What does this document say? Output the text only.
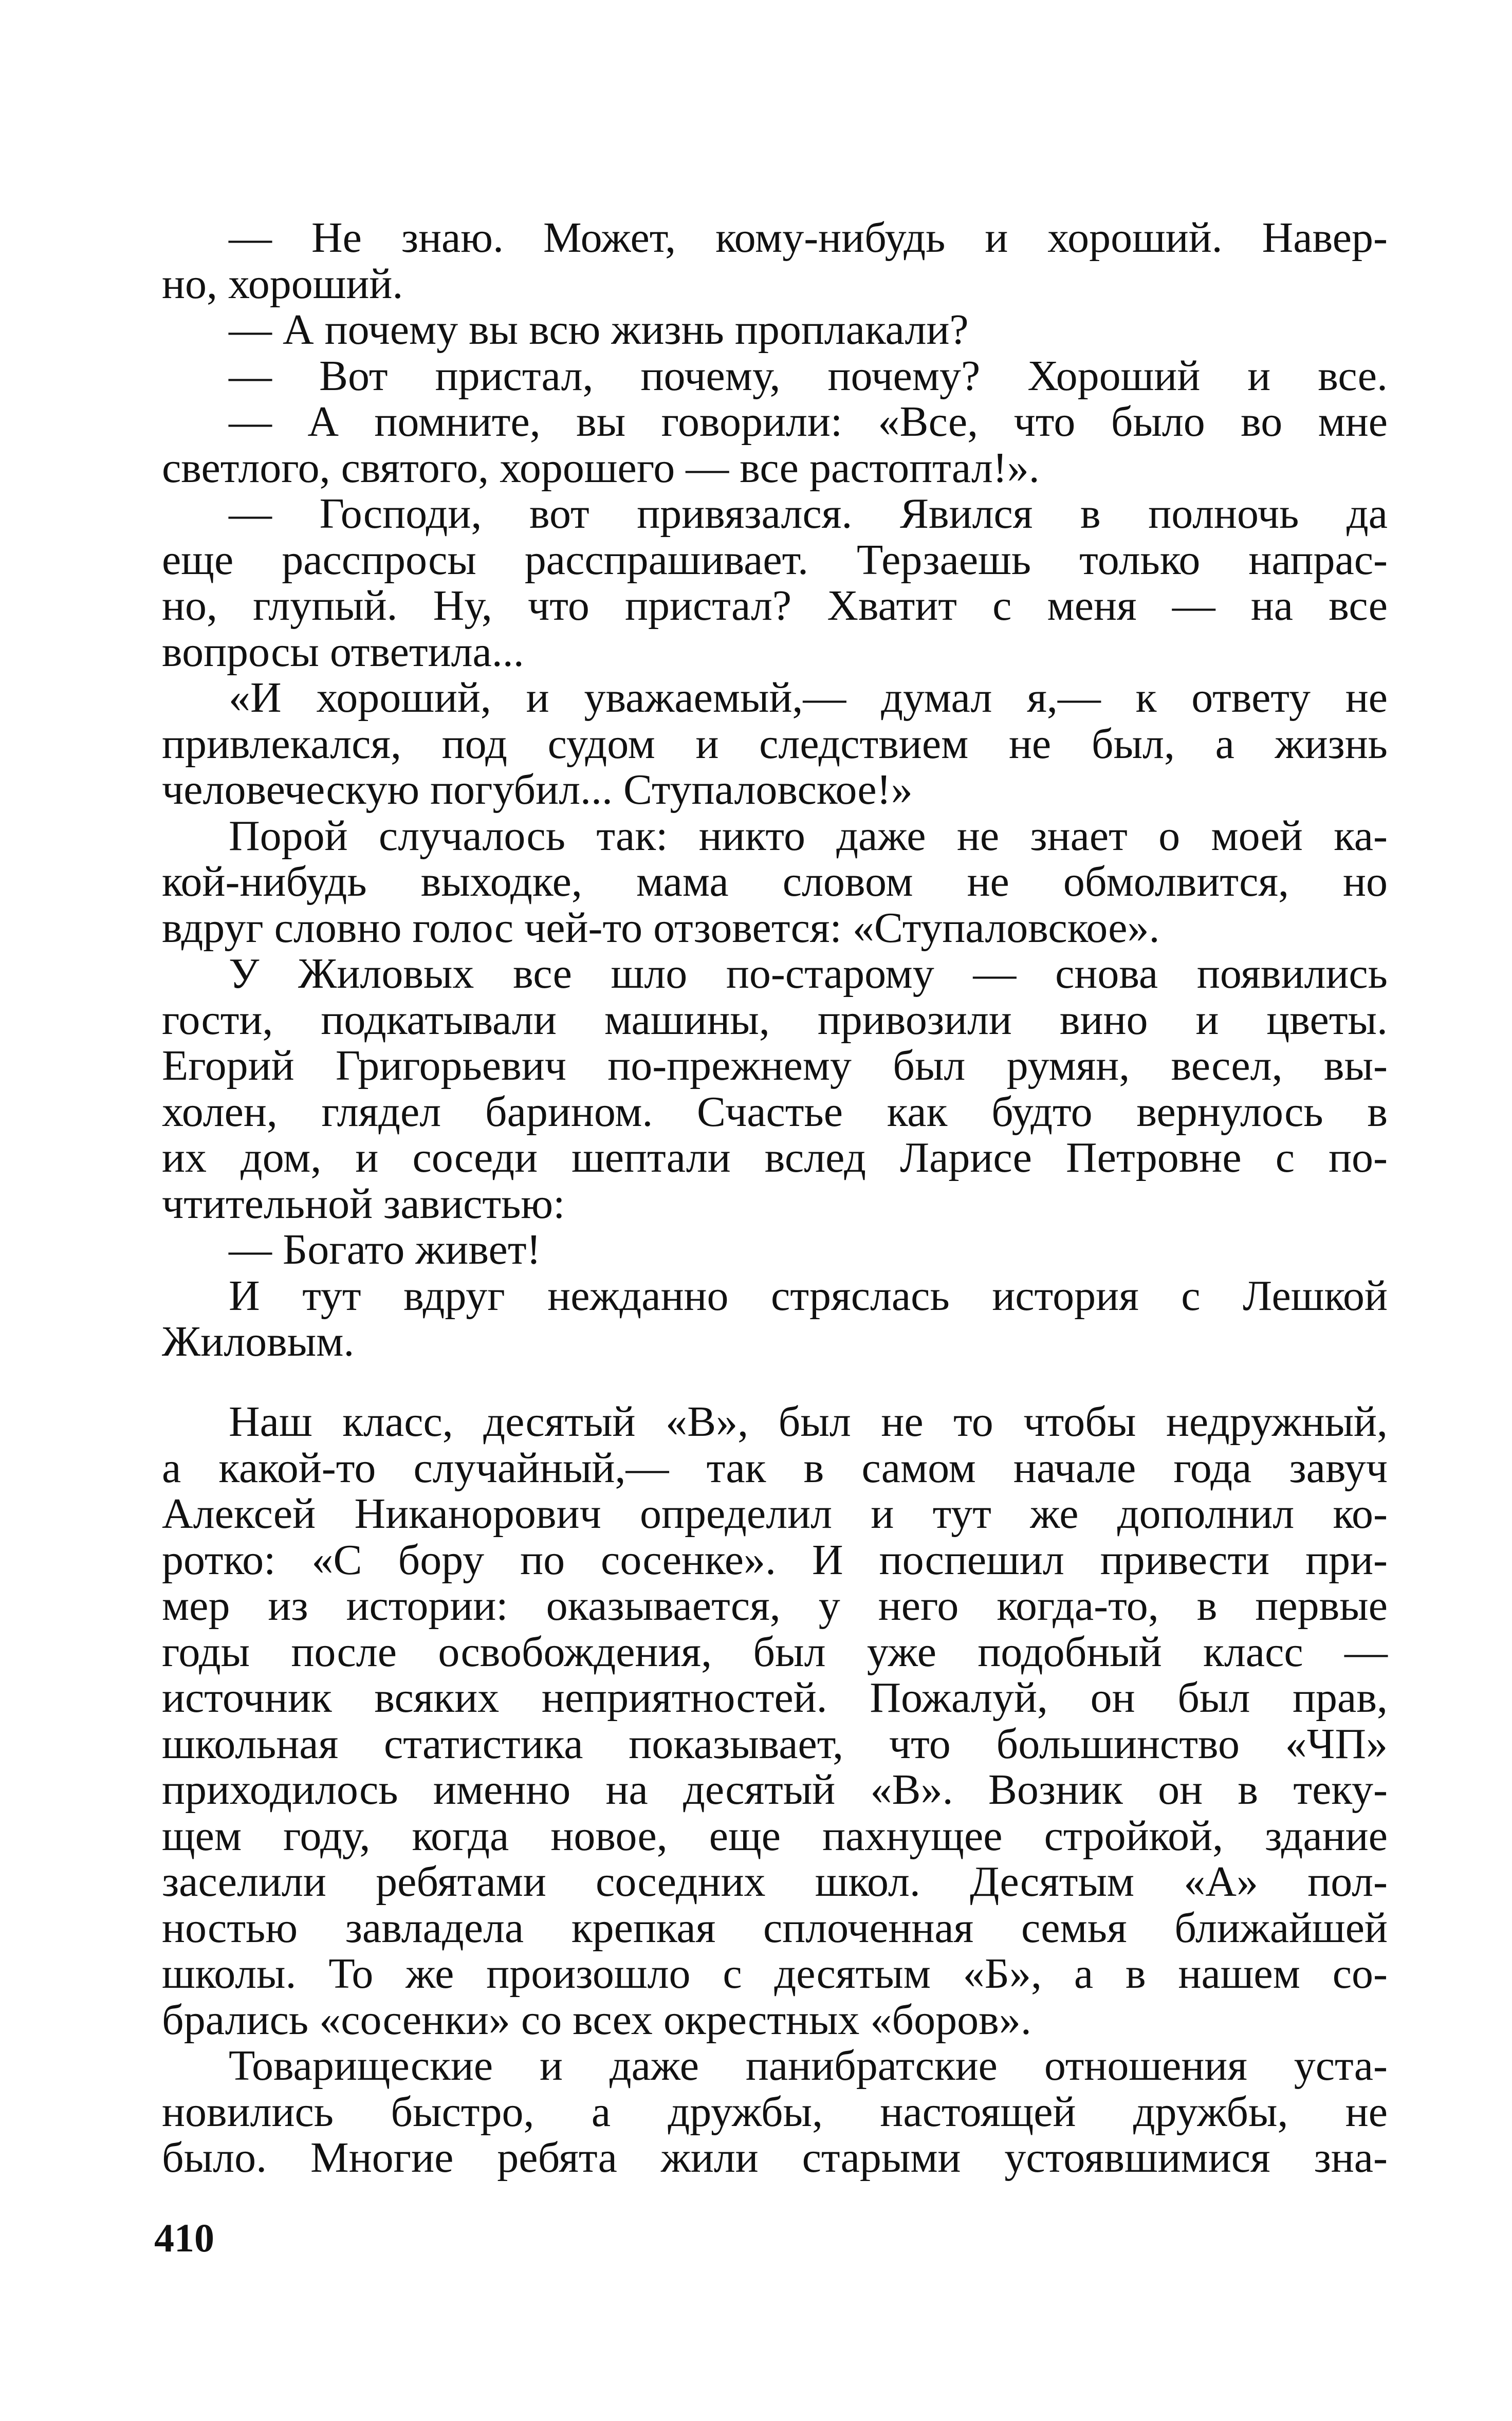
— Не знаю. Может, кому-нибудь и хороший. Навер-
но, хороший.
— А почему вы всю жизнь проплакали?
— Вот пристал, почему, почему? Хороший и все.
— А помните, вы говорили: «Все, что было во мне
светлого, святого, хорошего — все растоптал!».
— Господи, вот привязался. Явился в полночь да
еще расспросы расспрашивает. Терзаешь только напрас-
но, глупый. Ну, что пристал? Хватит с меня — на все
вопросы ответила...
«И хороший, и уважаемый,— думал я,— к ответу не
привлекался, под судом и следствием не был, а жизнь
человеческую погубил... Ступаловское!»
Порой случалось так: никто даже не знает о моей ка-
кой-нибудь выходке, мама словом не обмолвится, но
вдруг словно голос чей-то отзовется: «Ступаловское».
У Жиловых все шло по-старому — снова появились
гости, подкатывали машины, привозили вино и цветы.
Егорий Григорьевич по-прежнему был румян, весел, вы-
холен, глядел барином. Счастье как будто вернулось в
их дом, и соседи шептали вслед Ларисе Петровне с по-
чтительной завистью:
— Богато живет!
И тут вдруг нежданно стряслась история с Лешкой
Жиловым.
Наш класс, десятый «В», был не то чтобы недружный,
а какой-то случайный,— так в самом начале года завуч
Алексей Никанорович определил и тут же дополнил ко-
ротко: «С бору по сосенке». И поспешил привести при-
мер из истории: оказывается, у него когда-то, в первые
годы после освобождения, был уже подобный класс —
источник всяких неприятностей. Пожалуй, он был прав,
школьная статистика показывает, что большинство «ЧП»
приходилось именно на десятый «В». Возник он в теку-
щем году, когда новое, еще пахнущее стройкой, здание
заселили ребятами соседних школ. Десятым «А» пол-
ностью завладела крепкая сплоченная семья ближайшей
школы. То же произошло с десятым «Б», а в нашем со-
брались «сосенки» со всех окрестных «боров».
Товарищеские и даже панибратские отношения уста-
новились быстро, а дружбы, настоящей дружбы, не
было. Многие ребята жили старыми устоявшимися зна-
410
